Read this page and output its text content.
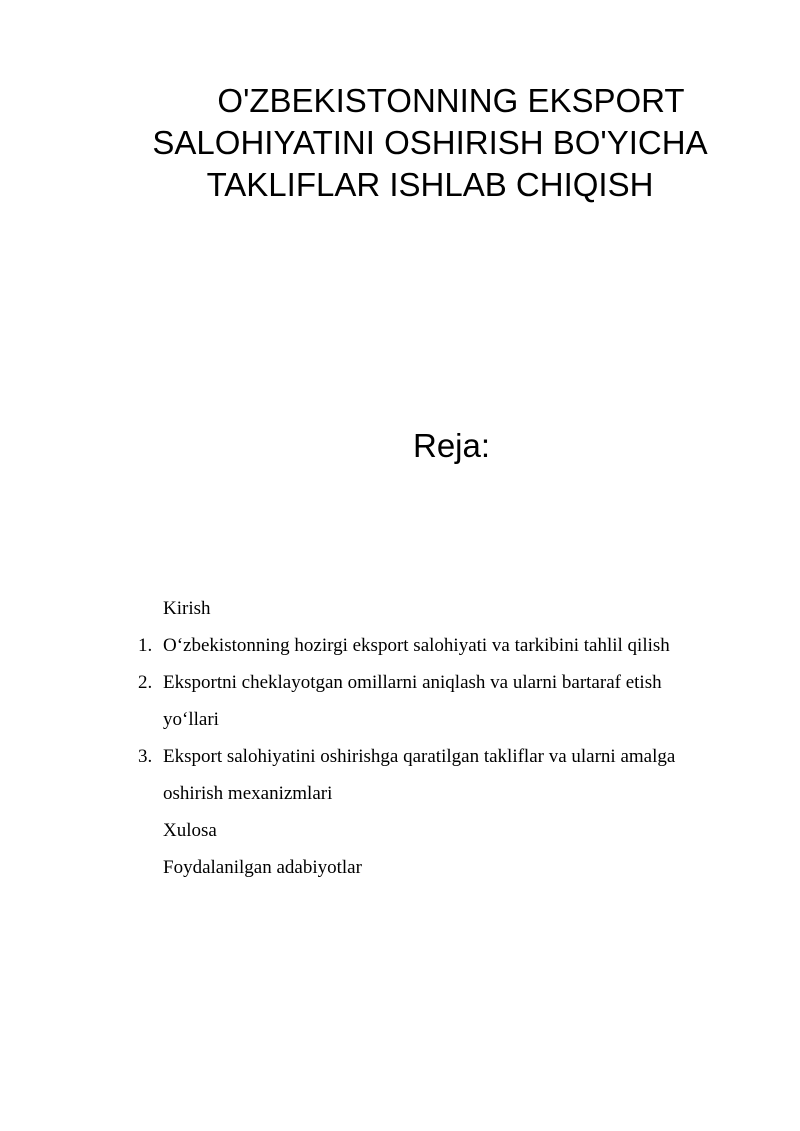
O'ZBEKISTONNING EKSPORT
SALOHIYATINI OSHIRISH BO'YICHA
TAKLIFLAR ISHLAB CHIQISH
Reja:
Kirish
1. O‘zbekistonning hozirgi eksport salohiyati va tarkibini tahlil qilish
2. Eksportni cheklayotgan omillarni aniqlash va ularni bartaraf etish
yo‘llari
3. Eksport salohiyatini oshirishga qaratilgan takliflar va ularni amalga
oshirish mexanizmlari
Xulosa
Foydalanilgan adabiyotlar
